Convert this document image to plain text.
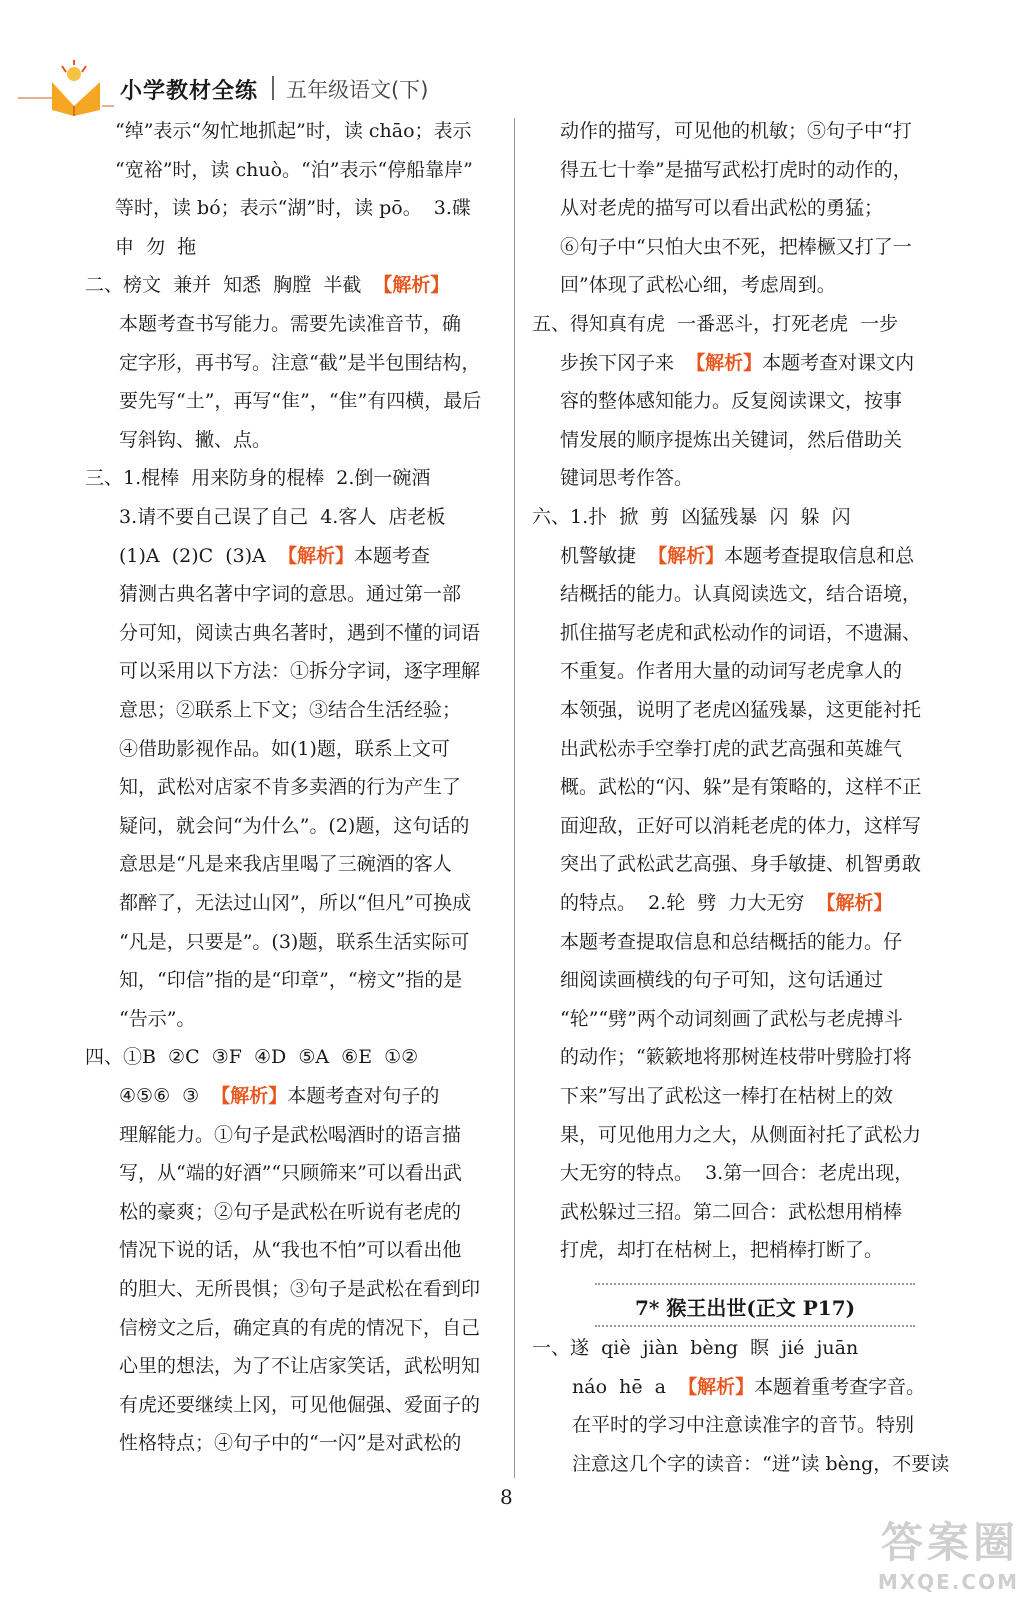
小学教材全练 五年级语文(下)
“绰”表示“匆忙地抓起”时，读 chāo；表示
“宽裕”时，读 chuò。“泊”表示“停船靠岸”
等时，读 bó；表示“湖”时，读 pō。  3.碟
申  勿  拖
二、榜文  兼并  知悉  胸膛  半截  【解析】
本题考查书写能力。需要先读准音节，确
定字形，再书写。注意“截”是半包围结构，
要先写“土”，再写“隹”，“隹”有四横，最后
写斜钩、撇、点。
三、1.棍棒  用来防身的棍棒  2.倒一碗酒
3.请不要自己误了自己  4.客人  店老板
(1)A  (2)C  (3)A  【解析】本题考查
猜测古典名著中字词的意思。通过第一部
分可知，阅读古典名著时，遇到不懂的词语
可以采用以下方法：①拆分字词，逐字理解
意思；②联系上下文；③结合生活经验；
④借助影视作品。如(1)题，联系上文可
知，武松对店家不肯多卖酒的行为产生了
疑问，就会问“为什么”。(2)题，这句话的
意思是“凡是来我店里喝了三碗酒的客人
都醉了，无法过山冈”，所以“但凡”可换成
“凡是，只要是”。(3)题，联系生活实际可
知，“印信”指的是“印章”，“榜文”指的是
“告示”。
四、①B  ②C  ③F  ④D  ⑤A  ⑥E  ①②
④⑤⑥  ③  【解析】本题考查对句子的
理解能力。①句子是武松喝酒时的语言描
写，从“端的好酒”“只顾筛来”可以看出武
松的豪爽；②句子是武松在听说有老虎的
情况下说的话，从“我也不怕”可以看出他
的胆大、无所畏惧；③句子是武松在看到印
信榜文之后，确定真的有虎的情况下，自己
心里的想法，为了不让店家笑话，武松明知
有虎还要继续上冈，可见他倔强、爱面子的
性格特点；④句子中的“一闪”是对武松的
动作的描写，可见他的机敏；⑤句子中“打
得五七十拳”是描写武松打虎时的动作的，
从对老虎的描写可以看出武松的勇猛；
⑥句子中“只怕大虫不死，把棒橛又打了一
回”体现了武松心细，考虑周到。
五、得知真有虎  一番恶斗，打死老虎  一步
步挨下冈子来  【解析】本题考查对课文内
容的整体感知能力。反复阅读课文，按事
情发展的顺序提炼出关键词，然后借助关
键词思考作答。
六、1.扑  掀  剪  凶猛残暴  闪  躲  闪
机警敏捷  【解析】本题考查提取信息和总
结概括的能力。认真阅读选文，结合语境，
抓住描写老虎和武松动作的词语，不遗漏、
不重复。作者用大量的动词写老虎拿人的
本领强，说明了老虎凶猛残暴，这更能衬托
出武松赤手空拳打虎的武艺高强和英雄气
概。武松的“闪、躲”是有策略的，这样不正
面迎敌，正好可以消耗老虎的体力，这样写
突出了武松武艺高强、身手敏捷、机智勇敢
的特点。  2.轮  劈  力大无穷  【解析】
本题考查提取信息和总结概括的能力。仔
细阅读画横线的句子可知，这句话通过
“轮”“劈”两个动词刻画了武松与老虎搏斗
的动作；“簌簌地将那树连枝带叶劈脸打将
下来”写出了武松这一棒打在枯树上的效
果，可见他用力之大，从侧面衬托了武松力
大无穷的特点。  3.第一回合：老虎出现，
武松躲过三招。第二回合：武松想用梢棒
打虎，却打在枯树上，把梢棒打断了。
7* 猴王出世(正文 P17)
一、遂  qiè  jiàn  bèng  瞑  jié  juān
náo  hē  a  【解析】本题着重考查字音。
在平时的学习中注意读准字的音节。特别
注意这几个字的读音：“迸”读 bèng，不要读
8
答案圈
MXQE.COM
